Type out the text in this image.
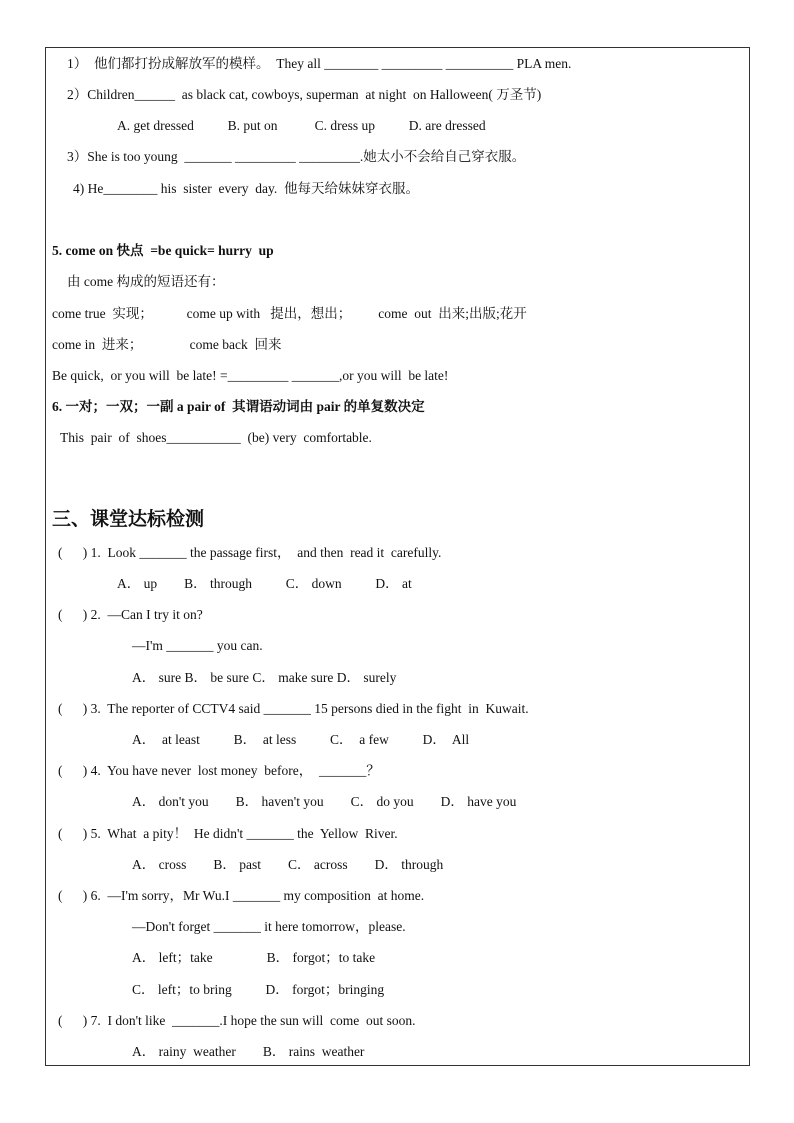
1）  他们都打扮成解放军的模样。  They all ________ _________ __________ PLA men.
2）Children______  as black cat, cowboys, superman  at night  on Halloween( 万圣节)
A. get dressed          B. put on           C. dress up          D. are dressed
3）She is too young  _______ _________ _________.她太小不会给自己穿衣服。
4) He________ his  sister  every  day.  他每天给妹妹穿衣服。
5. come on 快点  =be quick= hurry  up
由 come 构成的短语还有：
come true  实现；          come up with   提出，想出；        come  out  出来;出版;花开
come in  进来；              come back  回来
Be quick,  or you will  be late! =_________ _______,or you will  be late!
6. 一对；一双；一副 a pair of  其谓语动词由 pair 的单复数决定
This  pair  of  shoes___________  (be) very  comfortable.
三、课堂达标检测
(      ) 1.  Look _______ the passage first，  and then  read it  carefully.
A． up        B． through          C． down          D． at
(      ) 2.  —Can I try it on?
—I'm _______ you can.
A． sure B． be sure C． make sure D． surely
(      ) 3.  The reporter of CCTV4 said _______ 15 persons died in the fight  in  Kuwait.
A．  at least          B．  at less          C．  a few          D．  All
(      ) 4.  You have never  lost money  before，  _______？
A． don't you        B． haven't you        C． do you        D． have you
(      ) 5.  What  a pity！  He didn't _______ the  Yellow  River.
A． cross        B． past        C． across        D． through
(      ) 6.  —I'm sorry，Mr Wu.I _______ my composition  at home.
—Don't forget _______ it here tomorrow，please.
A． left；take                B． forgot；to take
C． left；to bring          D． forgot；bringing
(      ) 7.  I don't like  _______.I hope the sun will  come  out soon.
A． rainy  weather        B． rains  weather
